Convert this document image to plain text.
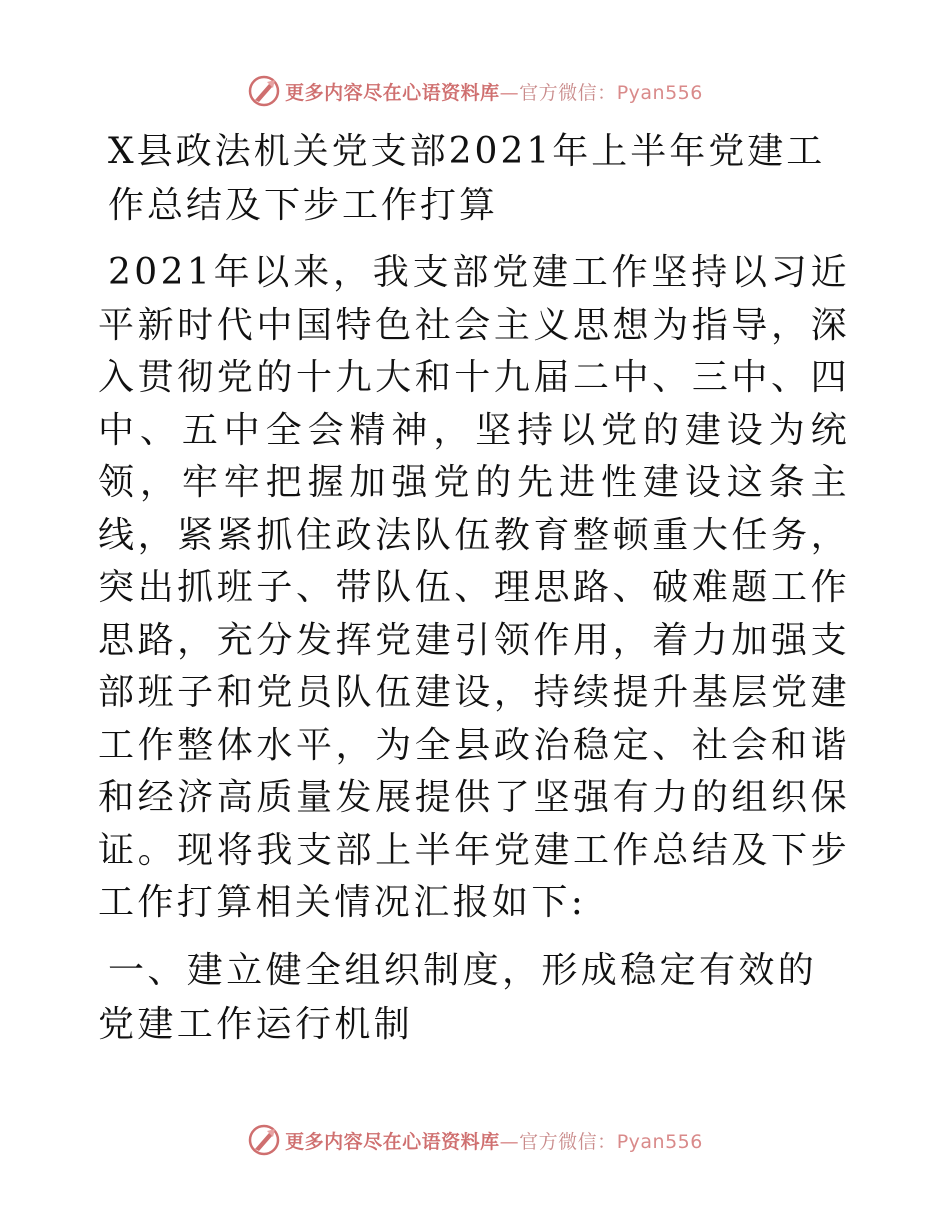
更多内容尽在心语资料库—官方微信：Pyan556
X县政法机关党支部2021年上半年党建工作总结及下步工作打算

2021年以来，我支部党建工作坚持以习近平新时代中国特色社会主义思想为指导，深入贯彻党的十九大和十九届二中、三中、四中、五中全会精神，坚持以党的建设为统领，牢牢把握加强党的先进性建设这条主线，紧紧抓住政法队伍教育整顿重大任务，突出抓班子、带队伍、理思路、破难题工作思路，充分发挥党建引领作用，着力加强支部班子和党员队伍建设，持续提升基层党建工作整体水平，为全县政治稳定、社会和谐和经济高质量发展提供了坚强有力的组织保证。现将我支部上半年党建工作总结及下步工作打算相关情况汇报如下:

一、建立健全组织制度，形成稳定有效的党建工作运行机制
更多内容尽在心语资料库—官方微信：Pyan556
